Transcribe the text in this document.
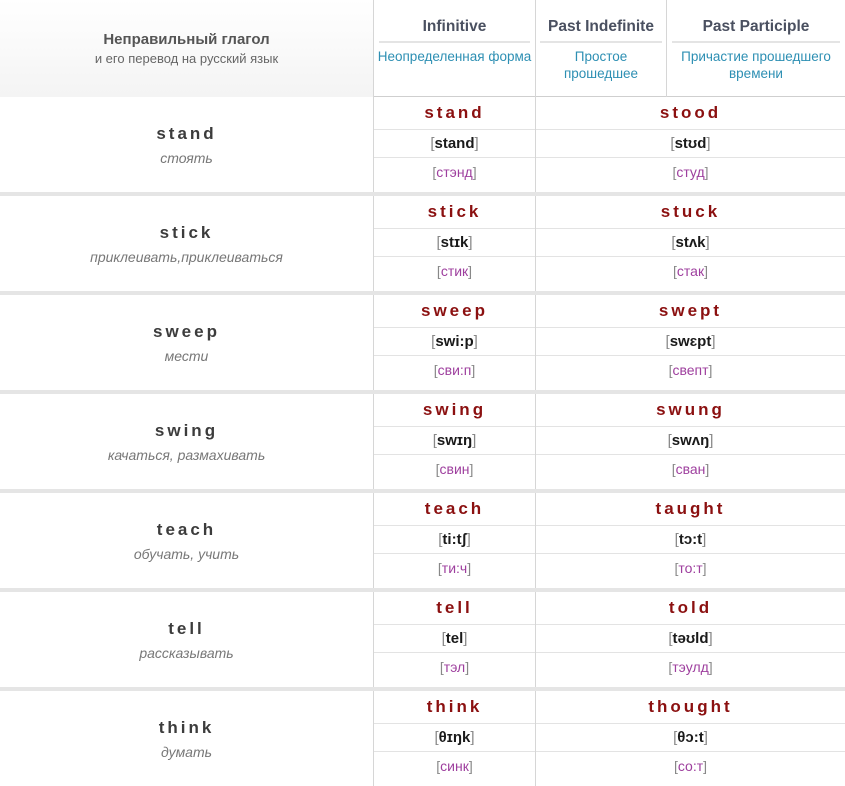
Неправильный глагол
и его перевод на русский язык
Infinitive
Неопределенная форма
Past Indefinite
Простое прошедшее
Past Participle
Причастие прошедшего времени
stand
стоять
stand
[stand]
[стэнд]
stood
[stʊd]
[студ]
stick
приклеивать,приклеиваться
stick
[stɪk]
[стик]
stuck
[stʌk]
[стак]
sweep
мести
sweep
[swi:p]
[сви:п]
swept
[swɛpt]
[свепт]
swing
качаться, размахивать
swing
[swɪŋ]
[свин]
swung
[swʌŋ]
[сван]
teach
обучать, учить
teach
[ti:tʃ]
[ти:ч]
taught
[tɔ:t]
[то:т]
tell
рассказывать
tell
[tel]
[тэл]
told
[təʊld]
[тэулд]
think
думать
think
[θɪŋk]
[синк]
thought
[θɔ:t]
[со:т]
